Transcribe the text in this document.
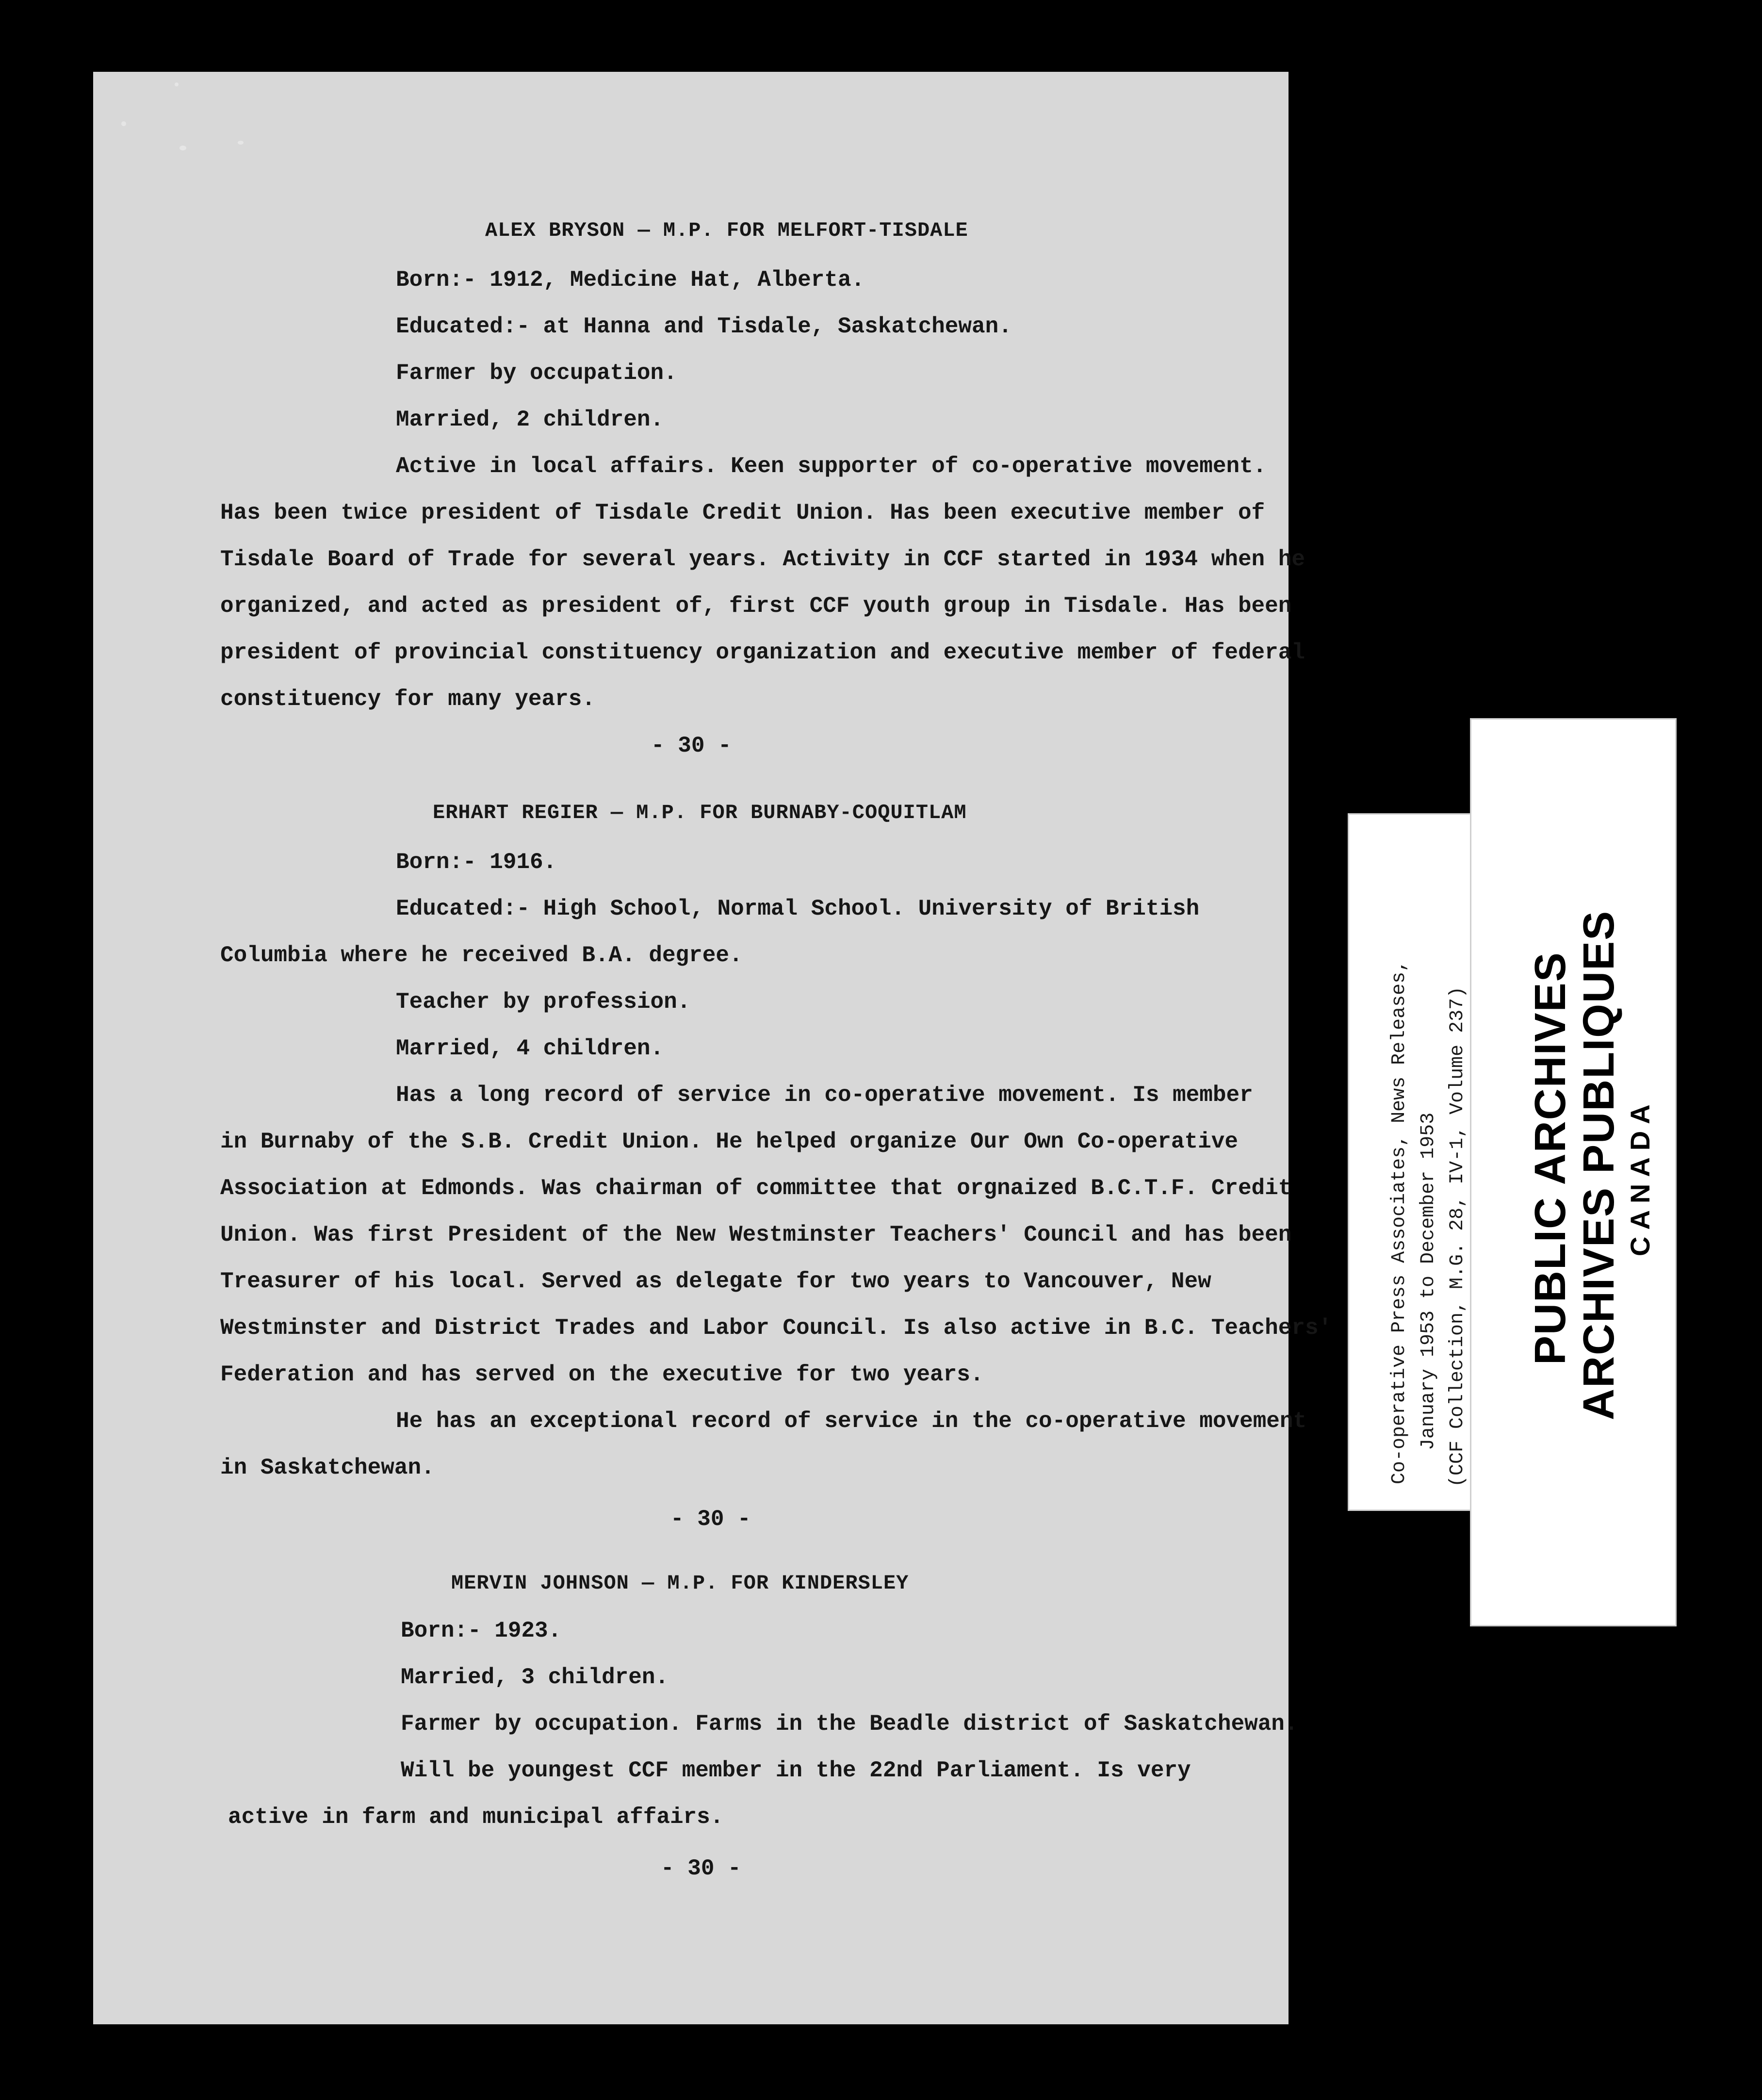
ALEX BRYSON — M.P. FOR MELFORT-TISDALE
Born:- 1912, Medicine Hat, Alberta.
Educated:- at Hanna and Tisdale, Saskatchewan.
Farmer by occupation.
Married, 2 children.
Active in local affairs. Keen supporter of co-operative movement.
Has been twice president of Tisdale Credit Union. Has been executive member of
Tisdale Board of Trade for several years. Activity in CCF started in 1934 when he
organized, and acted as president of, first CCF youth group in Tisdale. Has been
president of provincial constituency organization and executive member of federal
constituency for many years.
- 30 -
ERHART REGIER — M.P. FOR BURNABY-COQUITLAM
Born:- 1916.
Educated:- High School, Normal School. University of British
Columbia where he received B.A. degree.
Teacher by profession.
Married, 4 children.
Has a long record of service in co-operative movement. Is member
in Burnaby of the S.B. Credit Union. He helped organize Our Own Co-operative
Association at Edmonds. Was chairman of committee that orgnaized B.C.T.F. Credit
Union. Was first President of the New Westminster Teachers' Council and has been
Treasurer of his local. Served as delegate for two years to Vancouver, New
Westminster and District Trades and Labor Council. Is also active in B.C. Teachers'
Federation and has served on the executive for two years.
He has an exceptional record of service in the co-operative movement
in Saskatchewan.
- 30 -
MERVIN JOHNSON — M.P. FOR KINDERSLEY
Born:- 1923.
Married, 3 children.
Farmer by occupation. Farms in the Beadle district of Saskatchewan.
Will be youngest CCF member in the 22nd Parliament. Is very
active in farm and municipal affairs.
- 30 -
Co-operative Press Associates, News Releases, January 1953 to December 1953 (CCF Collection, M.G. 28, IV-1, Volume 237) PUBLIC ARCHIVES ARCHIVES PUBLIQUES CANADA
